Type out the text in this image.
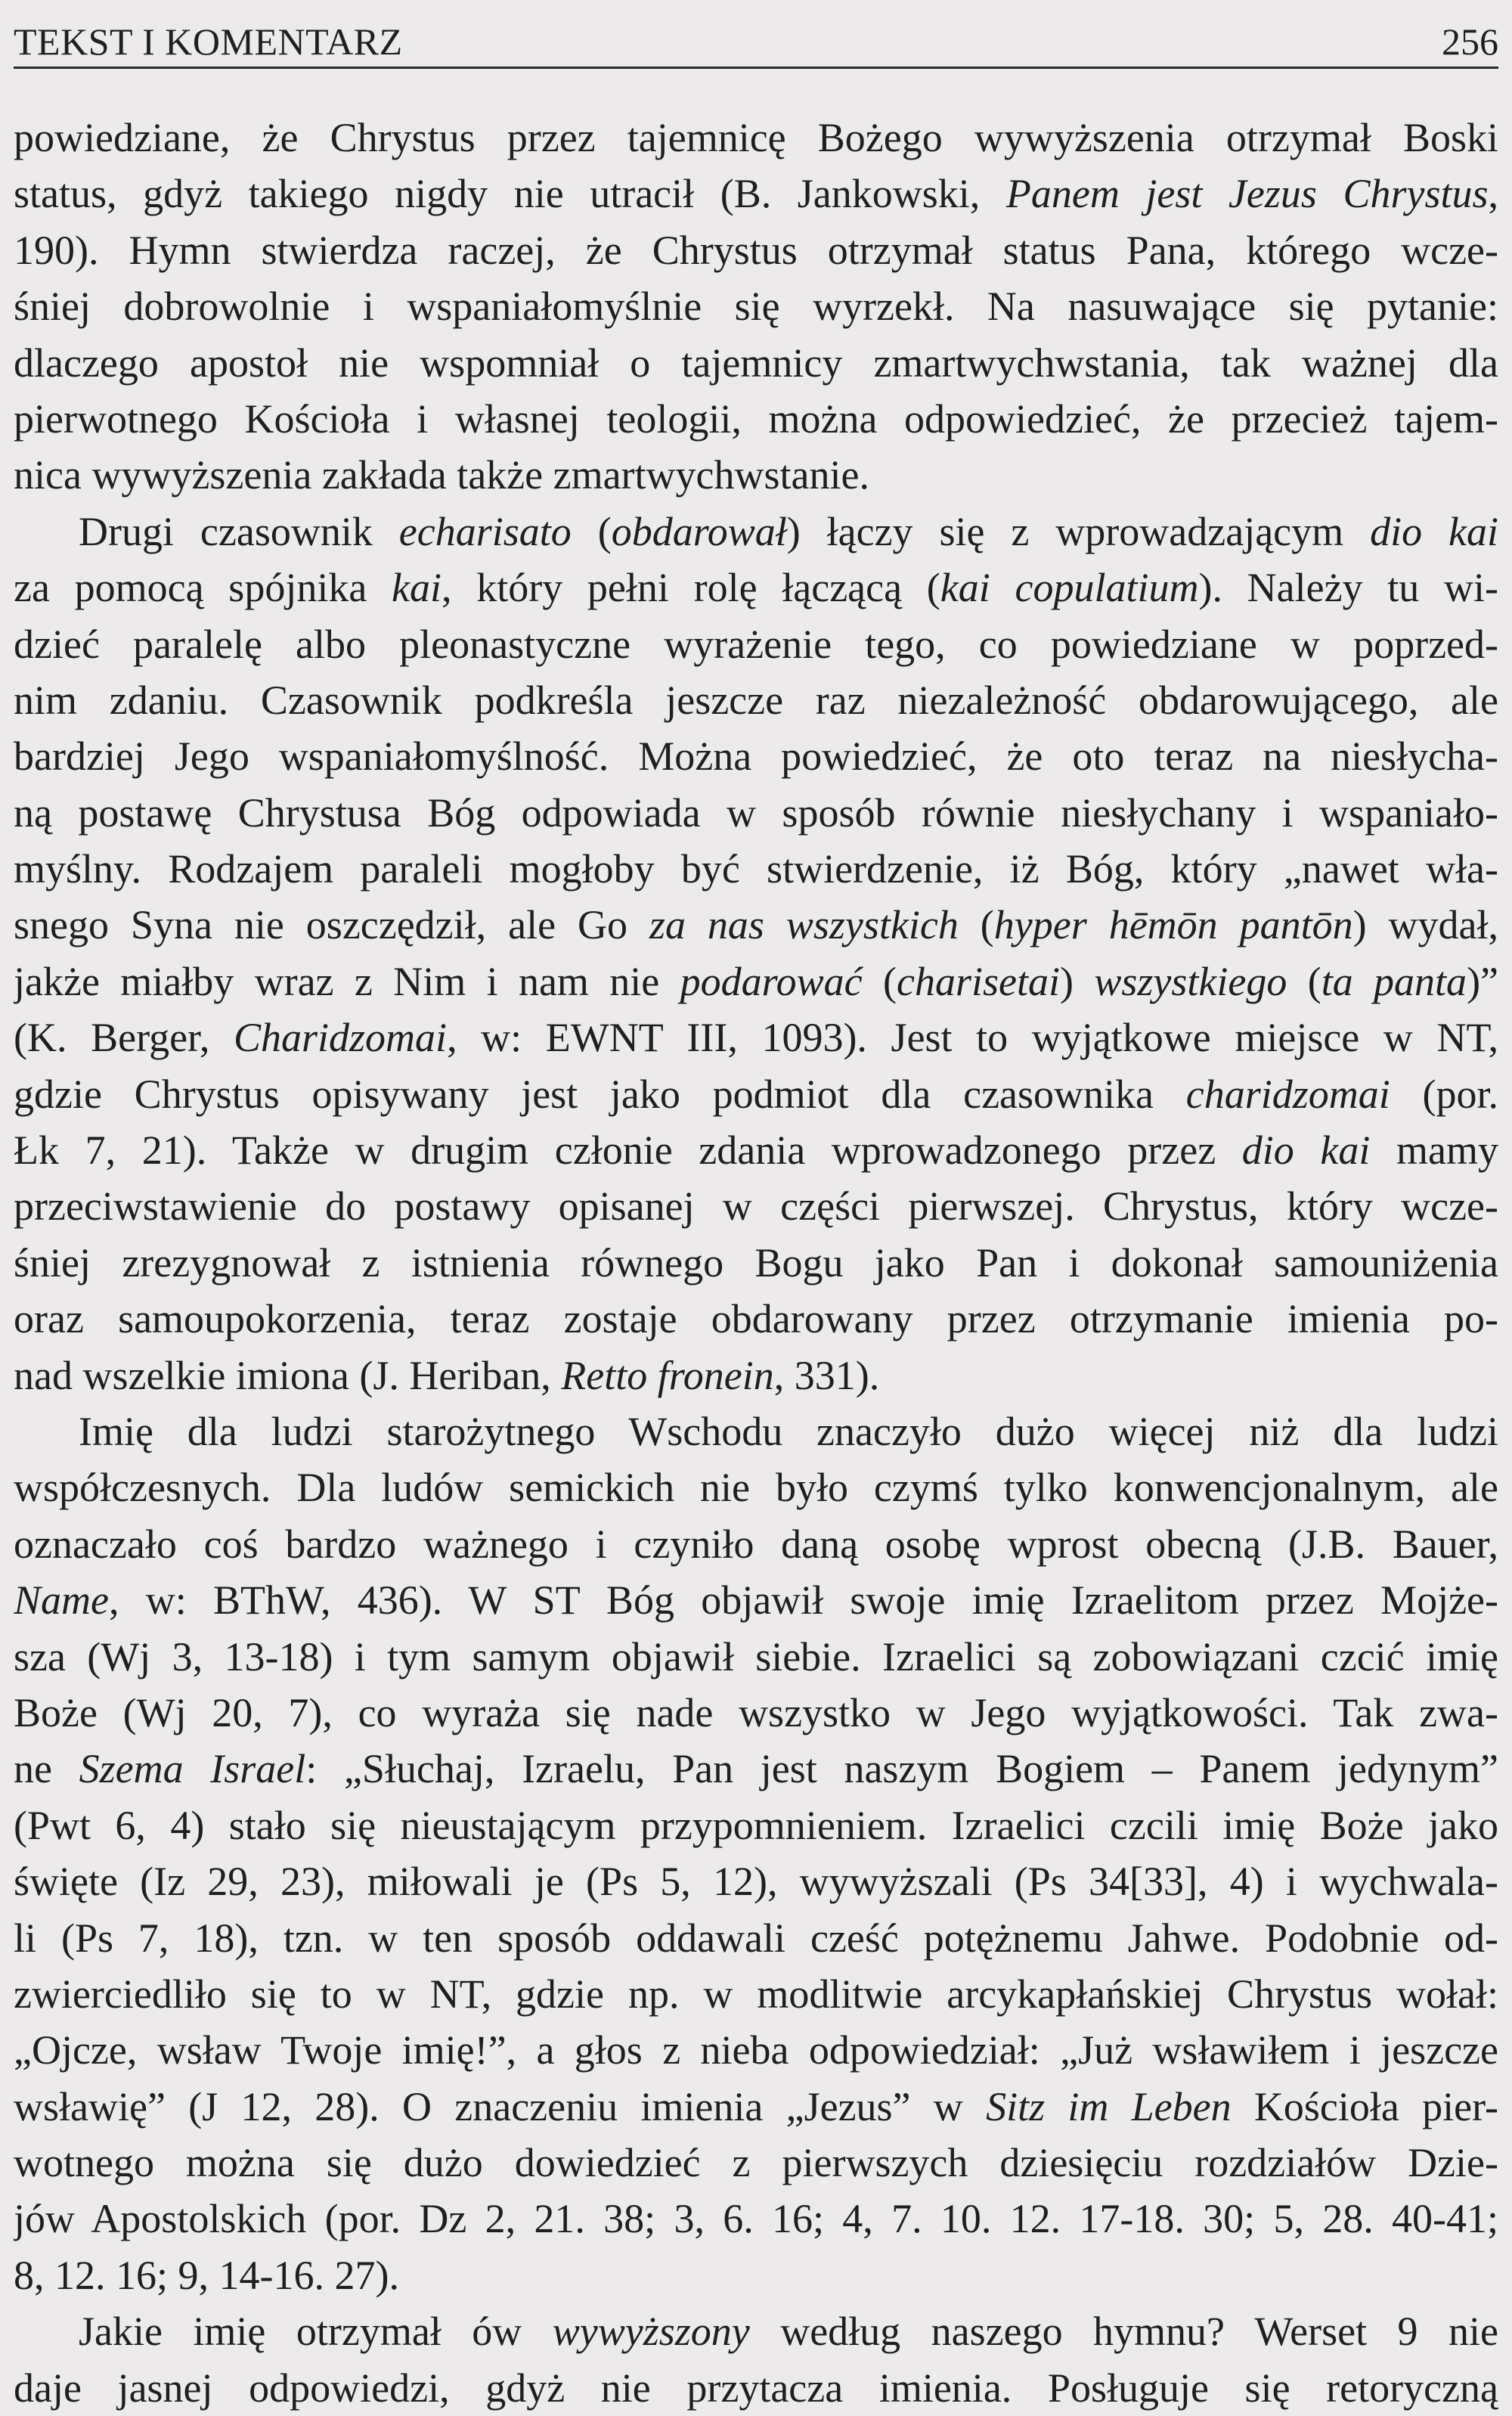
TEKST I KOMENTARZ	256
powiedziane, że Chrystus przez tajemnicę Bożego wywyższenia otrzymał Boski
status, gdyż takiego nigdy nie utracił (B. Jankowski, Panem jest Jezus Chrystus,
190). Hymn stwierdza raczej, że Chrystus otrzymał status Pana, którego wcze-
śniej dobrowolnie i wspaniałomyślnie się wyrzekł. Na nasuwające się pytanie:
dlaczego apostoł nie wspomniał o tajemnicy zmartwychwstania, tak ważnej dla
pierwotnego Kościoła i własnej teologii, można odpowiedzieć, że przecież tajem-
nica wywyższenia zakłada także zmartwychwstanie.
Drugi czasownik echarisato (obdarował) łączy się z wprowadzającym dio kai
za pomocą spójnika kai, który pełni rolę łączącą (kai copulatium). Należy tu wi-
dzieć paralelę albo pleonastyczne wyrażenie tego, co powiedziane w poprzed-
nim zdaniu. Czasownik podkreśla jeszcze raz niezależność obdarowującego, ale
bardziej Jego wspaniałomyślność. Można powiedzieć, że oto teraz na niesłycha-
ną postawę Chrystusa Bóg odpowiada w sposób równie niesłychany i wspaniało-
myślny. Rodzajem paraleli mogłoby być stwierdzenie, iż Bóg, który „nawet wła-
snego Syna nie oszczędził, ale Go za nas wszystkich (hyper hēmōn pantōn) wydał,
jakże miałby wraz z Nim i nam nie podarować (charisetai) wszystkiego (ta panta)”
(K. Berger, Charidzomai, w: EWNT III, 1093). Jest to wyjątkowe miejsce w NT,
gdzie Chrystus opisywany jest jako podmiot dla czasownika charidzomai (por.
Łk 7, 21). Także w drugim członie zdania wprowadzonego przez dio kai mamy
przeciwstawienie do postawy opisanej w części pierwszej. Chrystus, który wcze-
śniej zrezygnował z istnienia równego Bogu jako Pan i dokonał samouniżenia
oraz samoupokorzenia, teraz zostaje obdarowany przez otrzymanie imienia po-
nad wszelkie imiona (J. Heriban, Retto fronein, 331).
Imię dla ludzi starożytnego Wschodu znaczyło dużo więcej niż dla ludzi
współczesnych. Dla ludów semickich nie było czymś tylko konwencjonalnym, ale
oznaczało coś bardzo ważnego i czyniło daną osobę wprost obecną (J.B. Bauer,
Name, w: BThW, 436). W ST Bóg objawił swoje imię Izraelitom przez Mojże-
sza (Wj 3, 13-18) i tym samym objawił siebie. Izraelici są zobowiązani czcić imię
Boże (Wj 20, 7), co wyraża się nade wszystko w Jego wyjątkowości. Tak zwa-
ne Szema Israel: „Słuchaj, Izraelu, Pan jest naszym Bogiem – Panem jedynym”
(Pwt 6, 4) stało się nieustającym przypomnieniem. Izraelici czcili imię Boże jako
święte (Iz 29, 23), miłowali je (Ps 5, 12), wywyższali (Ps 34[33], 4) i wychwala-
li (Ps 7, 18), tzn. w ten sposób oddawali cześć potężnemu Jahwe. Podobnie od-
zwierciedliło się to w NT, gdzie np. w modlitwie arcykapłańskiej Chrystus wołał:
„Ojcze, wsław Twoje imię!”, a głos z nieba odpowiedział: „Już wsławiłem i jeszcze
wsławię” (J 12, 28). O znaczeniu imienia „Jezus” w Sitz im Leben Kościoła pier-
wotnego można się dużo dowiedzieć z pierwszych dziesięciu rozdziałów Dzie-
jów Apostolskich (por. Dz 2, 21. 38; 3, 6. 16; 4, 7. 10. 12. 17-18. 30; 5, 28. 40-41;
8, 12. 16; 9, 14-16. 27).
Jakie imię otrzymał ów wywyższony według naszego hymnu? Werset 9 nie
daje jasnej odpowiedzi, gdyż nie przytacza imienia. Posługuje się retoryczną
